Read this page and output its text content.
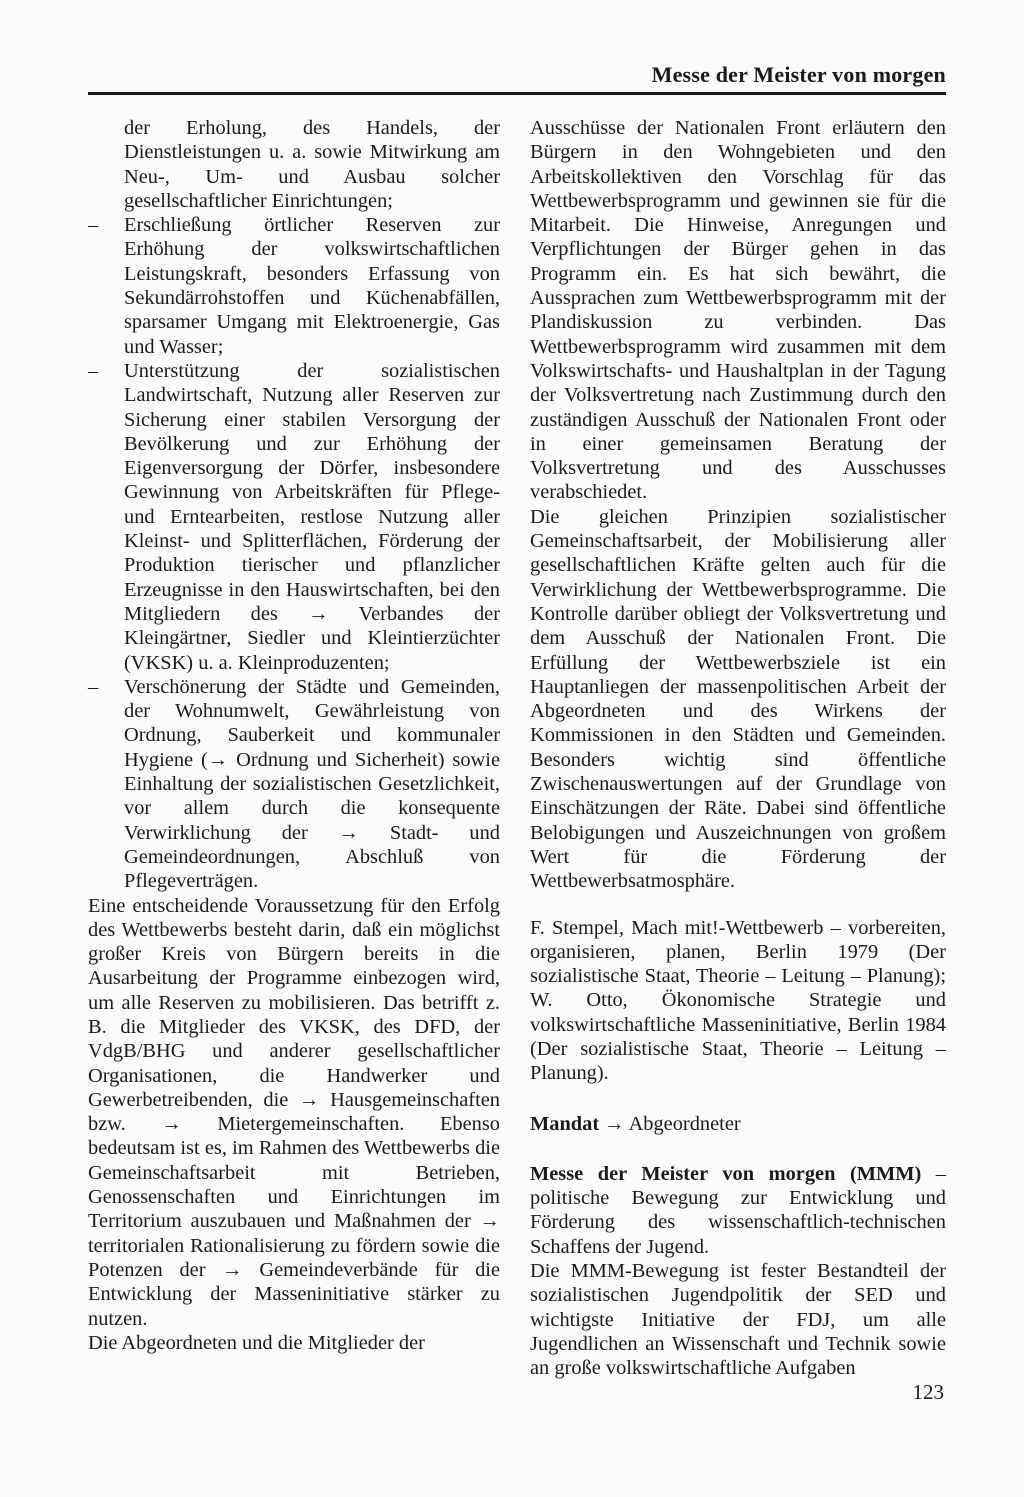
Messe der Meister von morgen

der Erholung, des Handels, der Dienstleistungen u. a. sowie Mitwirkung am Neu-, Um- und Ausbau solcher gesellschaftlicher Einrichtungen;

–	Erschließung örtlicher Reserven zur Erhöhung der volkswirtschaftlichen Leistungskraft, besonders Erfassung von Sekundärrohstoffen und Küchenabfällen, sparsamer Umgang mit Elektroenergie, Gas und Wasser;

–	Unterstützung der sozialistischen Landwirtschaft, Nutzung aller Reserven zur Sicherung einer stabilen Versorgung der Bevölkerung und zur Erhöhung der Eigenversorgung der Dörfer, insbesondere Gewinnung von Arbeitskräften für Pflege- und Erntearbeiten, restlose Nutzung aller Kleinst- und Splitterflächen, Förderung der Produktion tierischer und pflanzlicher Erzeugnisse in den Hauswirtschaften, bei den Mitgliedern des → Verbandes der Kleingärtner, Siedler und Kleintierzüchter (VKSK) u. a. Kleinproduzenten;

–	Verschönerung der Städte und Gemeinden, der Wohnumwelt, Gewährleistung von Ordnung, Sauberkeit und kommunaler Hygiene (→ Ordnung und Sicherheit) sowie Einhaltung der sozialistischen Gesetzlichkeit, vor allem durch die konsequente Verwirklichung der → Stadt- und Gemeindeordnungen, Abschluß von Pflegeverträgen.

Eine entscheidende Voraussetzung für den Erfolg des Wettbewerbs besteht darin, daß ein möglichst großer Kreis von Bürgern bereits in die Ausarbeitung der Programme einbezogen wird, um alle Reserven zu mobilisieren. Das betrifft z. B. die Mitglieder des VKSK, des DFD, der VdgB/BHG und anderer gesellschaftlicher Organisationen, die Handwerker und Gewerbetreibenden, die → Hausgemeinschaften bzw. → Mietergemeinschaften. Ebenso bedeutsam ist es, im Rahmen des Wettbewerbs die Gemeinschaftsarbeit mit Betrieben, Genossenschaften und Einrichtungen im Territorium auszubauen und Maßnahmen der → territorialen Rationalisierung zu fördern sowie die Potenzen der → Gemeindeverbände für die Entwicklung der Masseninitiative stärker zu nutzen.

Die Abgeordneten und die Mitglieder der

Ausschüsse der Nationalen Front erläutern den Bürgern in den Wohngebieten und den Arbeitskollektiven den Vorschlag für das Wettbewerbsprogramm und gewinnen sie für die Mitarbeit. Die Hinweise, Anregungen und Verpflichtungen der Bürger gehen in das Programm ein. Es hat sich bewährt, die Aussprachen zum Wettbewerbsprogramm mit der Plandiskussion zu verbinden. Das Wettbewerbsprogramm wird zusammen mit dem Volkswirtschafts- und Haushaltplan in der Tagung der Volksvertretung nach Zustimmung durch den zuständigen Ausschuß der Nationalen Front oder in einer gemeinsamen Beratung der Volksvertretung und des Ausschusses verabschiedet.

Die gleichen Prinzipien sozialistischer Gemeinschaftsarbeit, der Mobilisierung aller gesellschaftlichen Kräfte gelten auch für die Verwirklichung der Wettbewerbsprogramme. Die Kontrolle darüber obliegt der Volksvertretung und dem Ausschuß der Nationalen Front. Die Erfüllung der Wettbewerbsziele ist ein Hauptanliegen der massenpolitischen Arbeit der Abgeordneten und des Wirkens der Kommissionen in den Städten und Gemeinden. Besonders wichtig sind öffentliche Zwischenauswertungen auf der Grundlage von Einschätzungen der Räte. Dabei sind öffentliche Belobigungen und Auszeichnungen von großem Wert für die Förderung der Wettbewerbsatmosphäre.

F. Stempel, Mach mit!-Wettbewerb – vorbereiten, organisieren, planen, Berlin 1979 (Der sozialistische Staat, Theorie – Leitung – Planung); W. Otto, Ökonomische Strategie und volkswirtschaftliche Masseninitiative, Berlin 1984 (Der sozialistische Staat, Theorie – Leitung – Planung).

Mandat → Abgeordneter

Messe der Meister von morgen (MMM) – politische Bewegung zur Entwicklung und Förderung des wissenschaftlich-technischen Schaffens der Jugend.

Die MMM-Bewegung ist fester Bestandteil der sozialistischen Jugendpolitik der SED und wichtigste Initiative der FDJ, um alle Jugendlichen an Wissenschaft und Technik sowie an große volkswirtschaftliche Aufgaben

123
